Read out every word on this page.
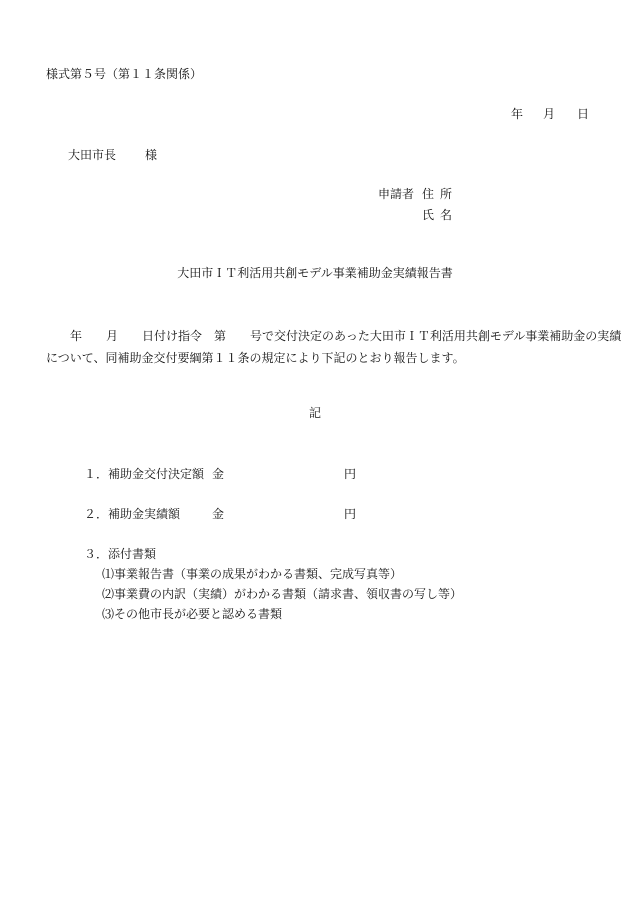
様式第５号（第１１条関係）
年 月 日
大田市長 様
申請者 住所
氏名
大田市ＩＴ利活用共創モデル事業補助金実績報告書
　　年　　月　　日付け指令　第　　号で交付決定のあった大田市ＩＴ利活用共創モデル事業補助金の実績
について、同補助金交付要綱第１１条の規定により下記のとおり報告します。
記
１．補助金交付決定額 金	円
２．補助金実績額	金	円
３．添付書類
⑴事業報告書（事業の成果がわかる書類、完成写真等）
⑵事業費の内訳（実績）がわかる書類（請求書、領収書の写し等）
⑶その他市長が必要と認める書類
